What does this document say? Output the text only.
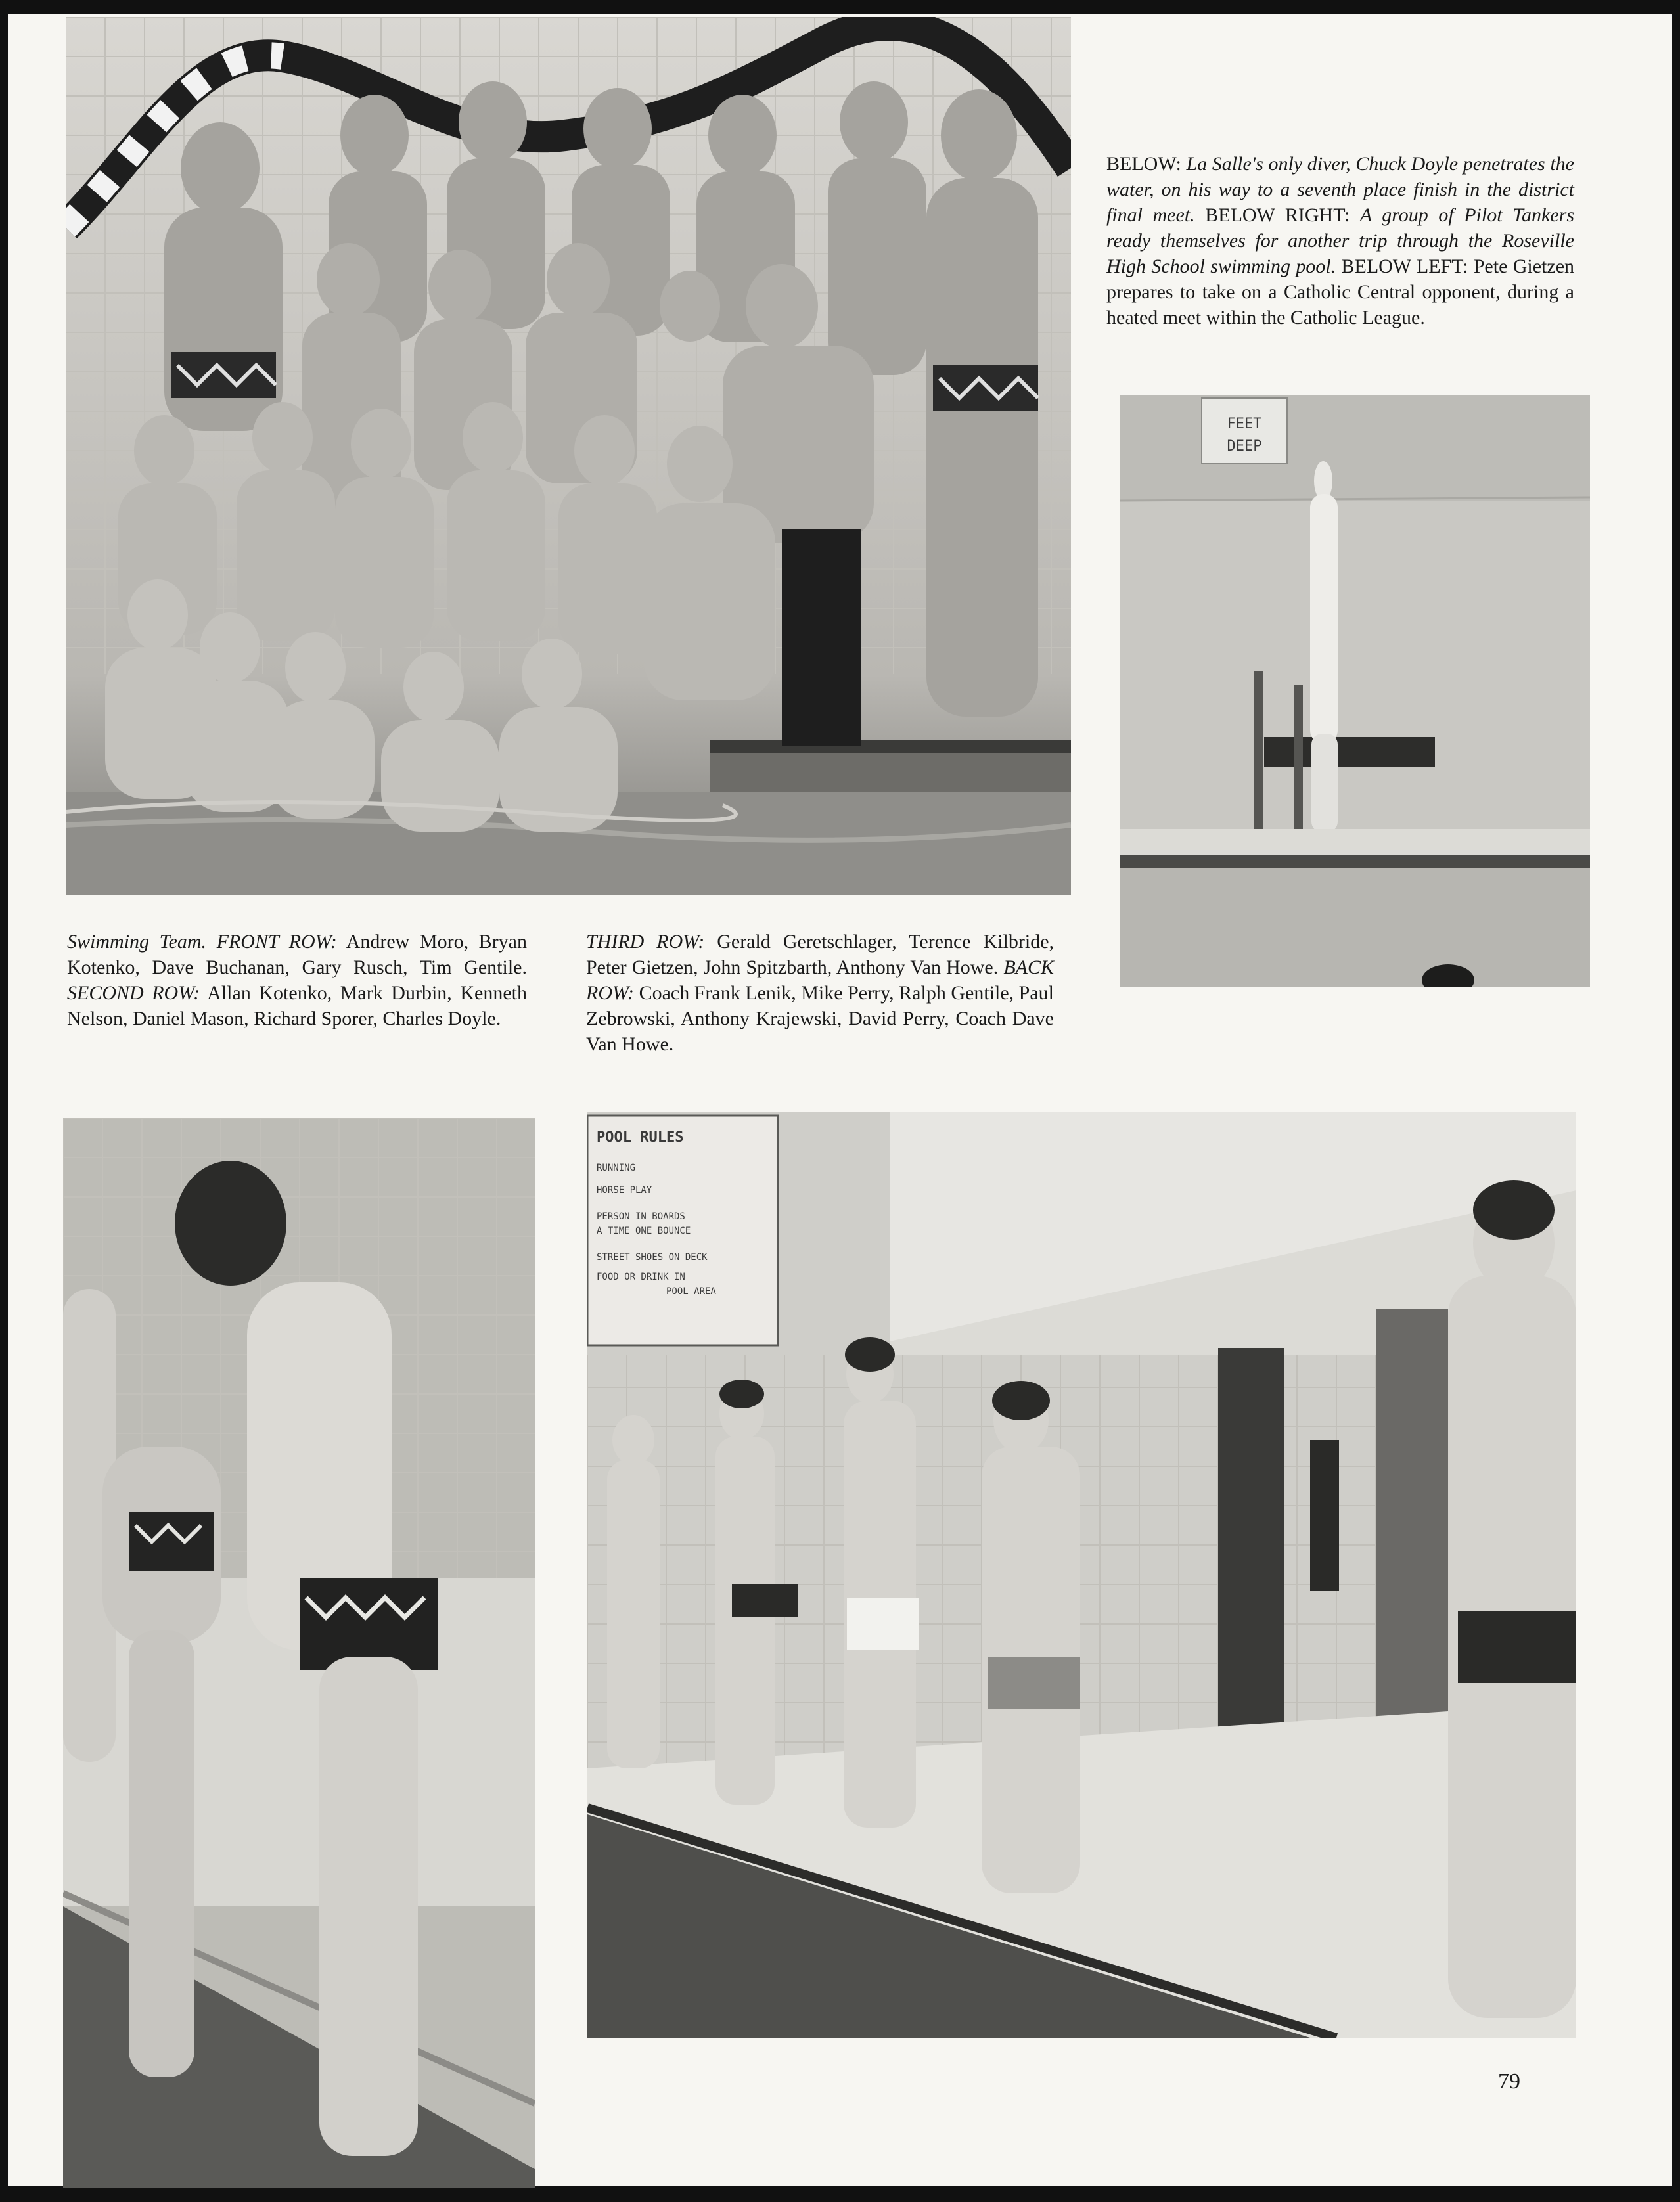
BELOW: La Salle's only diver, Chuck Doyle penetrates the water, on his way to a seventh place finish in the district final meet. BELOW RIGHT: A group of Pilot Tankers ready themselves for another trip through the Roseville High School swimming pool. BELOW LEFT: Pete Gietzen prepares to take on a Catholic Central opponent, during a heated meet within the Catholic League.

FEET
DEEP

Swimming Team. FRONT ROW: Andrew Moro, Bryan Kotenko, Dave Buchanan, Gary Rusch, Tim Gentile. SECOND ROW: Allan Kotenko, Mark Durbin, Kenneth Nelson, Daniel Mason, Richard Sporer, Charles Doyle.

THIRD ROW: Gerald Geretschlager, Terence Kilbride, Peter Gietzen, John Spitzbarth, Anthony Van Howe. BACK ROW: Coach Frank Lenik, Mike Perry, Ralph Gentile, Paul Zebrowski, Anthony Krajewski, David Perry, Coach Dave Van Howe.

POOL RULES
RUNNING
HORSE PLAY
PERSON IN BOARDS
A TIME ONE BOUNCE
STREET SHOES ON DECK
FOOD OR DRINK IN
POOL AREA
79
